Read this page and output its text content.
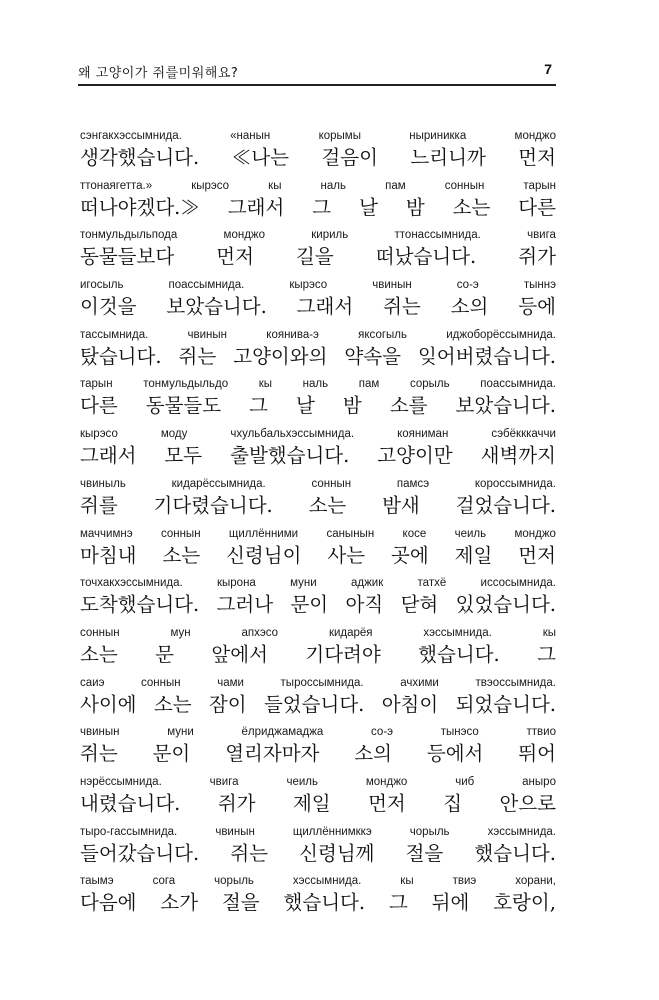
왜 고양이가 쥐를미워해요?	7
сэнгакхэссымнида.	«нанын	корымы	ныриникка	монджо
생각했습니다. ≪나는 걸음이 느리니까 먼저
ттонаягетта.»	кырэсо	кы	наль	пам	соннын	тарын
떠나야겠다.≫ 그래서 그 날 밤 소는 다른
тонмульдыльпода	монджо	кириль	ттонассымнида.	чвига
동물들보다 먼저 길을 떠났습니다. 쥐가
игосыль	поассымнида.	кырэсо	чвинын	со-э	тыннэ
이것을 보았습니다. 그래서 쥐는 소의 등에
тассымнида.	чвинын	коянива-э	яксогыль	иджоборёссымнида.
탔습니다. 쥐는 고양이와의 약속을 잊어버렸습니다.
тарын	тонмульдыльдо	кы	наль	пам	сорыль	поассымнида.
다른 동물들도 그 날 밤 소를 보았습니다.
кырэсо	моду	чхульбальхэссымнида.	кояниман	сэбёкккаччи
그래서 모두 출발했습니다. 고양이만 새벽까지
чвиныль	кидарёссымнида.	соннын	памсэ	короссымнида.
쥐를 기다렸습니다. 소는 밤새 걸었습니다.
маччимнэ соннын щиллённими санынын косе чеиль монджо
마침내 소는 신령님이 사는 곳에 제일 먼저
точхакхэссымнида.	кырона	муни	аджик	татхё	иссосымнида.
도착했습니다. 그러나 문이 아직 닫혀 있었습니다.
соннын	мун	апхэсо	кидарёя	хэссымнида.	кы
소는 문 앞에서 기다려야 했습니다. 그
саиэ	соннын	чами	тыроссымнида.	ачхими	твэоссымнида.
사이에 소는 잠이 들었습니다. 아침이 되었습니다.
чвинын	муни	ёлриджамаджа	со-э	тынэсо	ттвио
쥐는 문이 열리자마자 소의 등에서 뛰어
нэрёссымнида.	чвига	чеиль	монджо	чиб	аныро
내렸습니다. 쥐가 제일 먼저 집 안으로
тыро-гассымнида.	чвинын	щиллённимккэ	чорыль	хэссымнида.
들어갔습니다. 쥐는 신령님께 절을 했습니다.
таымэ	сога	чорыль	хэссымнида.	кы	твиэ	хорани,
다음에 소가 절을 했습니다. 그 뒤에 호랑이,
